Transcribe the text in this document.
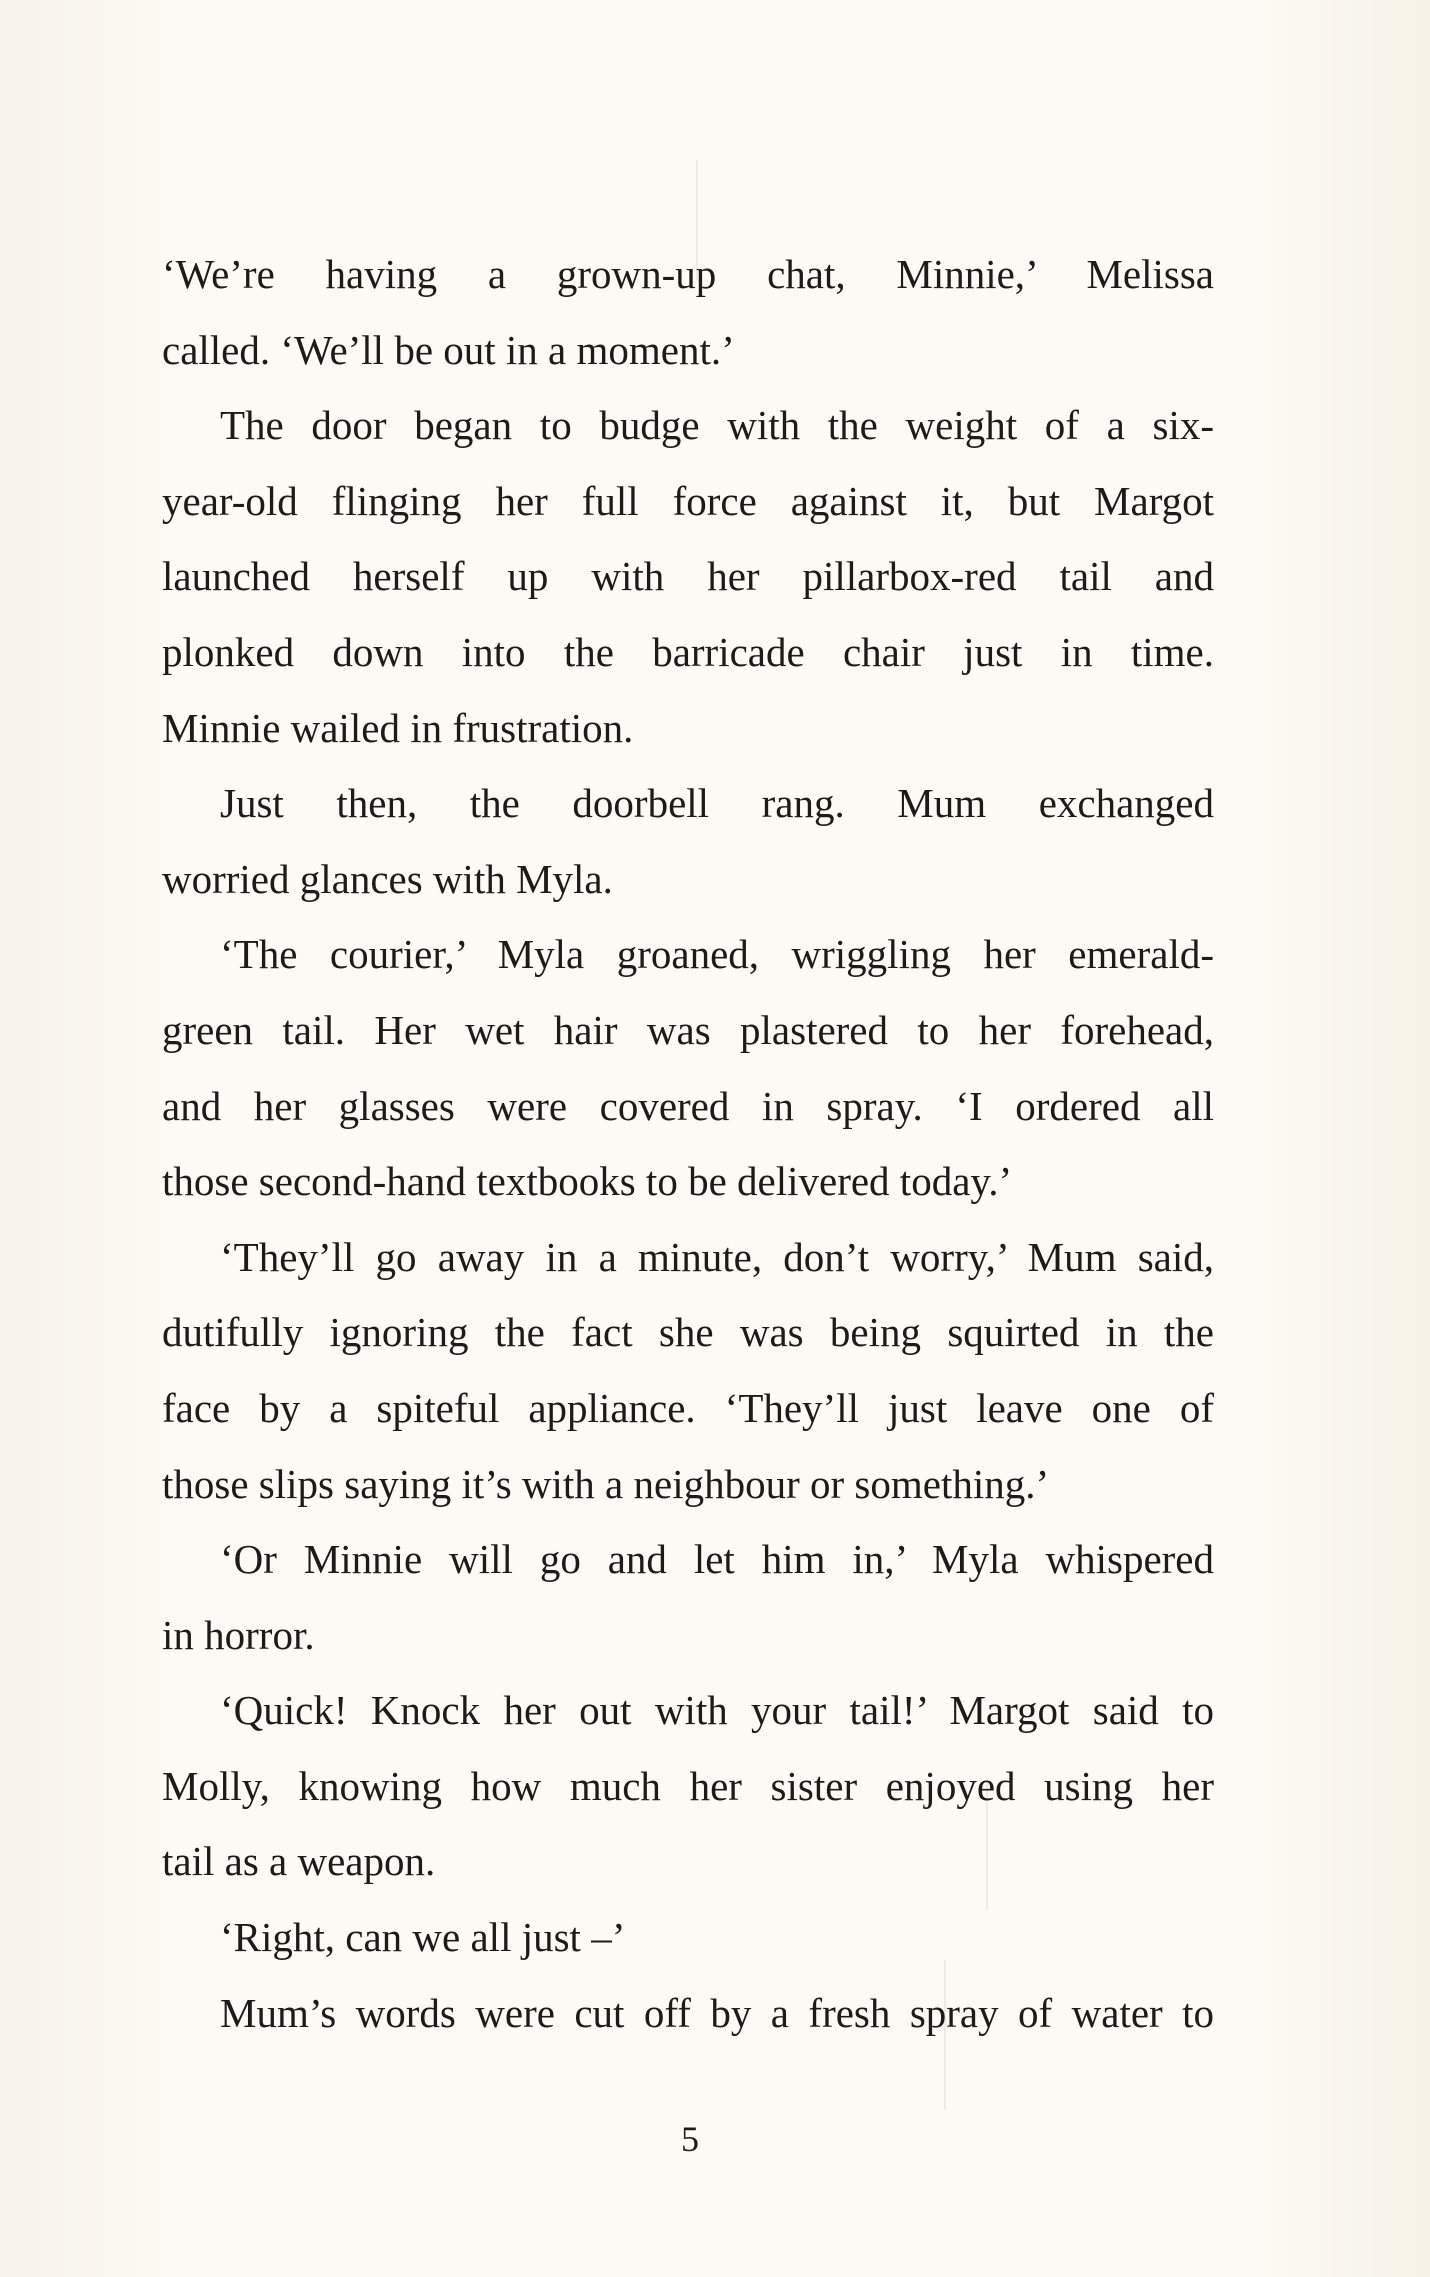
‘We’re having a grown-up chat, Minnie,’ Melissa
called. ‘We’ll be out in a moment.’
The door began to budge with the weight of a six-
year-old flinging her full force against it, but Margot
launched herself up with her pillarbox-red tail and
plonked down into the barricade chair just in time.
Minnie wailed in frustration.
Just then, the doorbell rang. Mum exchanged
worried glances with Myla.
‘The courier,’ Myla groaned, wriggling her emerald-
green tail. Her wet hair was plastered to her forehead,
and her glasses were covered in spray. ‘I ordered all
those second-hand textbooks to be delivered today.’
‘They’ll go away in a minute, don’t worry,’ Mum said,
dutifully ignoring the fact she was being squirted in the
face by a spiteful appliance. ‘They’ll just leave one of
those slips saying it’s with a neighbour or something.’
‘Or Minnie will go and let him in,’ Myla whispered
in horror.
‘Quick! Knock her out with your tail!’ Margot said to
Molly, knowing how much her sister enjoyed using her
tail as a weapon.
‘Right, can we all just –’
Mum’s words were cut off by a fresh spray of water to
5
